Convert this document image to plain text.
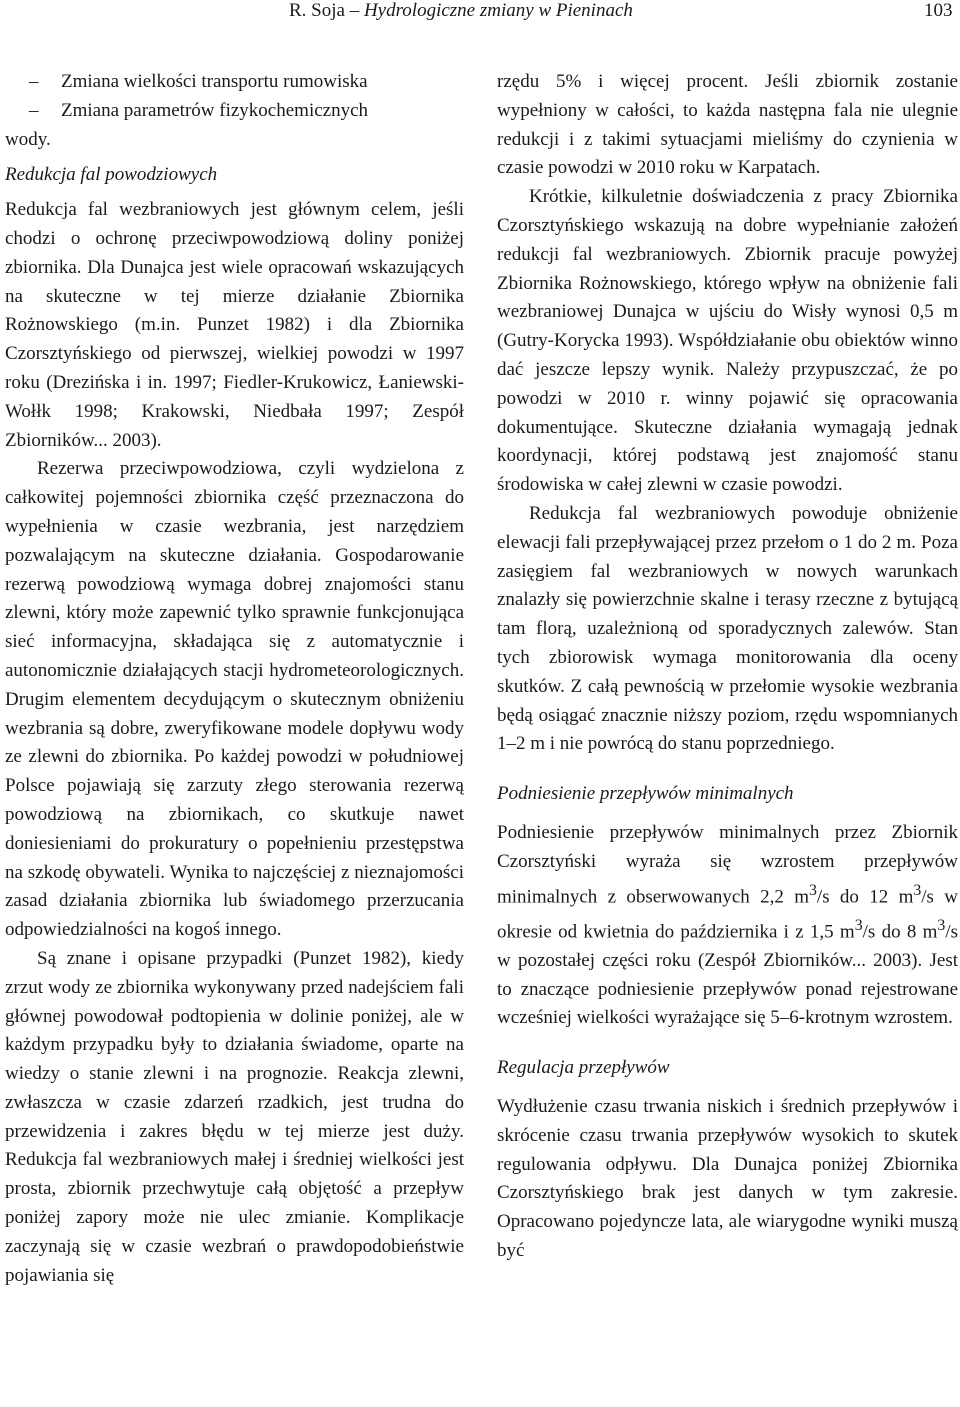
R. Soja – Hydrologiczne zmiany w Pieninach	103
– Zmiana wielkości transportu rumowiska
– Zmiana parametrów fizykochemicznych

wody.

Redukcja fal powodziowych

Redukcja fal wezbraniowych jest głównym celem, jeśli chodzi o ochronę przeciwpowodziową doliny poniżej zbiornika. Dla Dunajca jest wiele opracowań wskazujących na skuteczne w tej mierze działanie Zbiornika Rożnowskiego (m.in. Punzet 1982) i dla Zbiornika Czorsztyńskiego od pierwszej, wielkiej powodzi w 1997 roku (Drezińska i in. 1997; Fiedler-Krukowicz, Łaniewski-Wołłk 1998; Krakowski, Niedbała 1997; Zespół Zbiorników... 2003).

Rezerwa przeciwpowodziowa, czyli wydzielona z całkowitej pojemności zbiornika część przeznaczona do wypełnienia w czasie wezbrania, jest narzędziem pozwalającym na skuteczne działania. Gospodarowanie rezerwą powodziową wymaga dobrej znajomości stanu zlewni, który może zapewnić tylko sprawnie funkcjonująca sieć informacyjna, składająca się z automatycznie i autonomicznie działających stacji hydrometeorologicznych. Drugim elementem decydującym o skutecznym obniżeniu wezbrania są dobre, zweryfikowane modele dopływu wody ze zlewni do zbiornika. Po każdej powodzi w południowej Polsce pojawiają się zarzuty złego sterowania rezerwą powodziową na zbiornikach, co skutkuje nawet doniesieniami do prokuratury o popełnieniu przestępstwa na szkodę obywateli. Wynika to najczęściej z nieznajomości zasad działania zbiornika lub świadomego przerzucania odpowiedzialności na kogoś innego.

Są znane i opisane przypadki (Punzet 1982), kiedy zrzut wody ze zbiornika wykonywany przed nadejściem fali głównej powodował podtopienia w dolinie poniżej, ale w każdym przypadku były to działania świadome, oparte na wiedzy o stanie zlewni i na prognozie. Reakcja zlewni, zwłaszcza w czasie zdarzeń rzadkich, jest trudna do przewidzenia i zakres błędu w tej mierze jest duży. Redukcja fal wezbraniowych małej i średniej wielkości jest prosta, zbiornik przechwytuje całą objętość a przepływ poniżej zapory może nie ulec zmianie. Komplikacje zaczynają się w czasie wezbrań o prawdopodobieństwie pojawiania się

rzędu 5% i więcej procent. Jeśli zbiornik zostanie wypełniony w całości, to każda następna fala nie ulegnie redukcji i z takimi sytuacjami mieliśmy do czynienia w czasie powodzi w 2010 roku w Karpatach.

Krótkie, kilkuletnie doświadczenia z pracy Zbiornika Czorsztyńskiego wskazują na dobre wypełnianie założeń redukcji fal wezbraniowych. Zbiornik pracuje powyżej Zbiornika Rożnowskiego, którego wpływ na obniżenie fali wezbraniowej Dunajca w ujściu do Wisły wynosi 0,5 m (Gutry-Korycka 1993). Współdziałanie obu obiektów winno dać jeszcze lepszy wynik. Należy przypuszczać, że po powodzi w 2010 r. winny pojawić się opracowania dokumentujące. Skuteczne działania wymagają jednak koordynacji, której podstawą jest znajomość stanu środowiska w całej zlewni w czasie powodzi.

Redukcja fal wezbraniowych powoduje obniżenie elewacji fali przepływającej przez przełom o 1 do 2 m. Poza zasięgiem fal wezbraniowych w nowych warunkach znalazły się powierzchnie skalne i terasy rzeczne z bytującą tam florą, uzależnioną od sporadycznych zalewów. Stan tych zbiorowisk wymaga monitorowania dla oceny skutków. Z całą pewnością w przełomie wysokie wezbrania będą osiągać znacznie niższy poziom, rzędu wspomnianych 1–2 m i nie powrócą do stanu poprzedniego.

Podniesienie przepływów minimalnych

Podniesienie przepływów minimalnych przez Zbiornik Czorsztyński wyraża się wzrostem przepływów minimalnych z obserwowanych 2,2 $m^3/s$ do 12 $m^3/s$ w okresie od kwietnia do października i z 1,5 $m^3/s$ do 8 $m^3/s$ w pozostałej części roku (Zespół Zbiorników... 2003). Jest to znaczące podniesienie przepływów ponad rejestrowane wcześniej wielkości wyrażające się 5–6-krotnym wzrostem.

Regulacja przepływów

Wydłużenie czasu trwania niskich i średnich przepływów i skrócenie czasu trwania przepływów wysokich to skutek regulowania odpływu. Dla Dunajca poniżej Zbiornika Czorsztyńskiego brak jest danych w tym zakresie. Opracowano pojedyncze lata, ale wiarygodne wyniki muszą być
